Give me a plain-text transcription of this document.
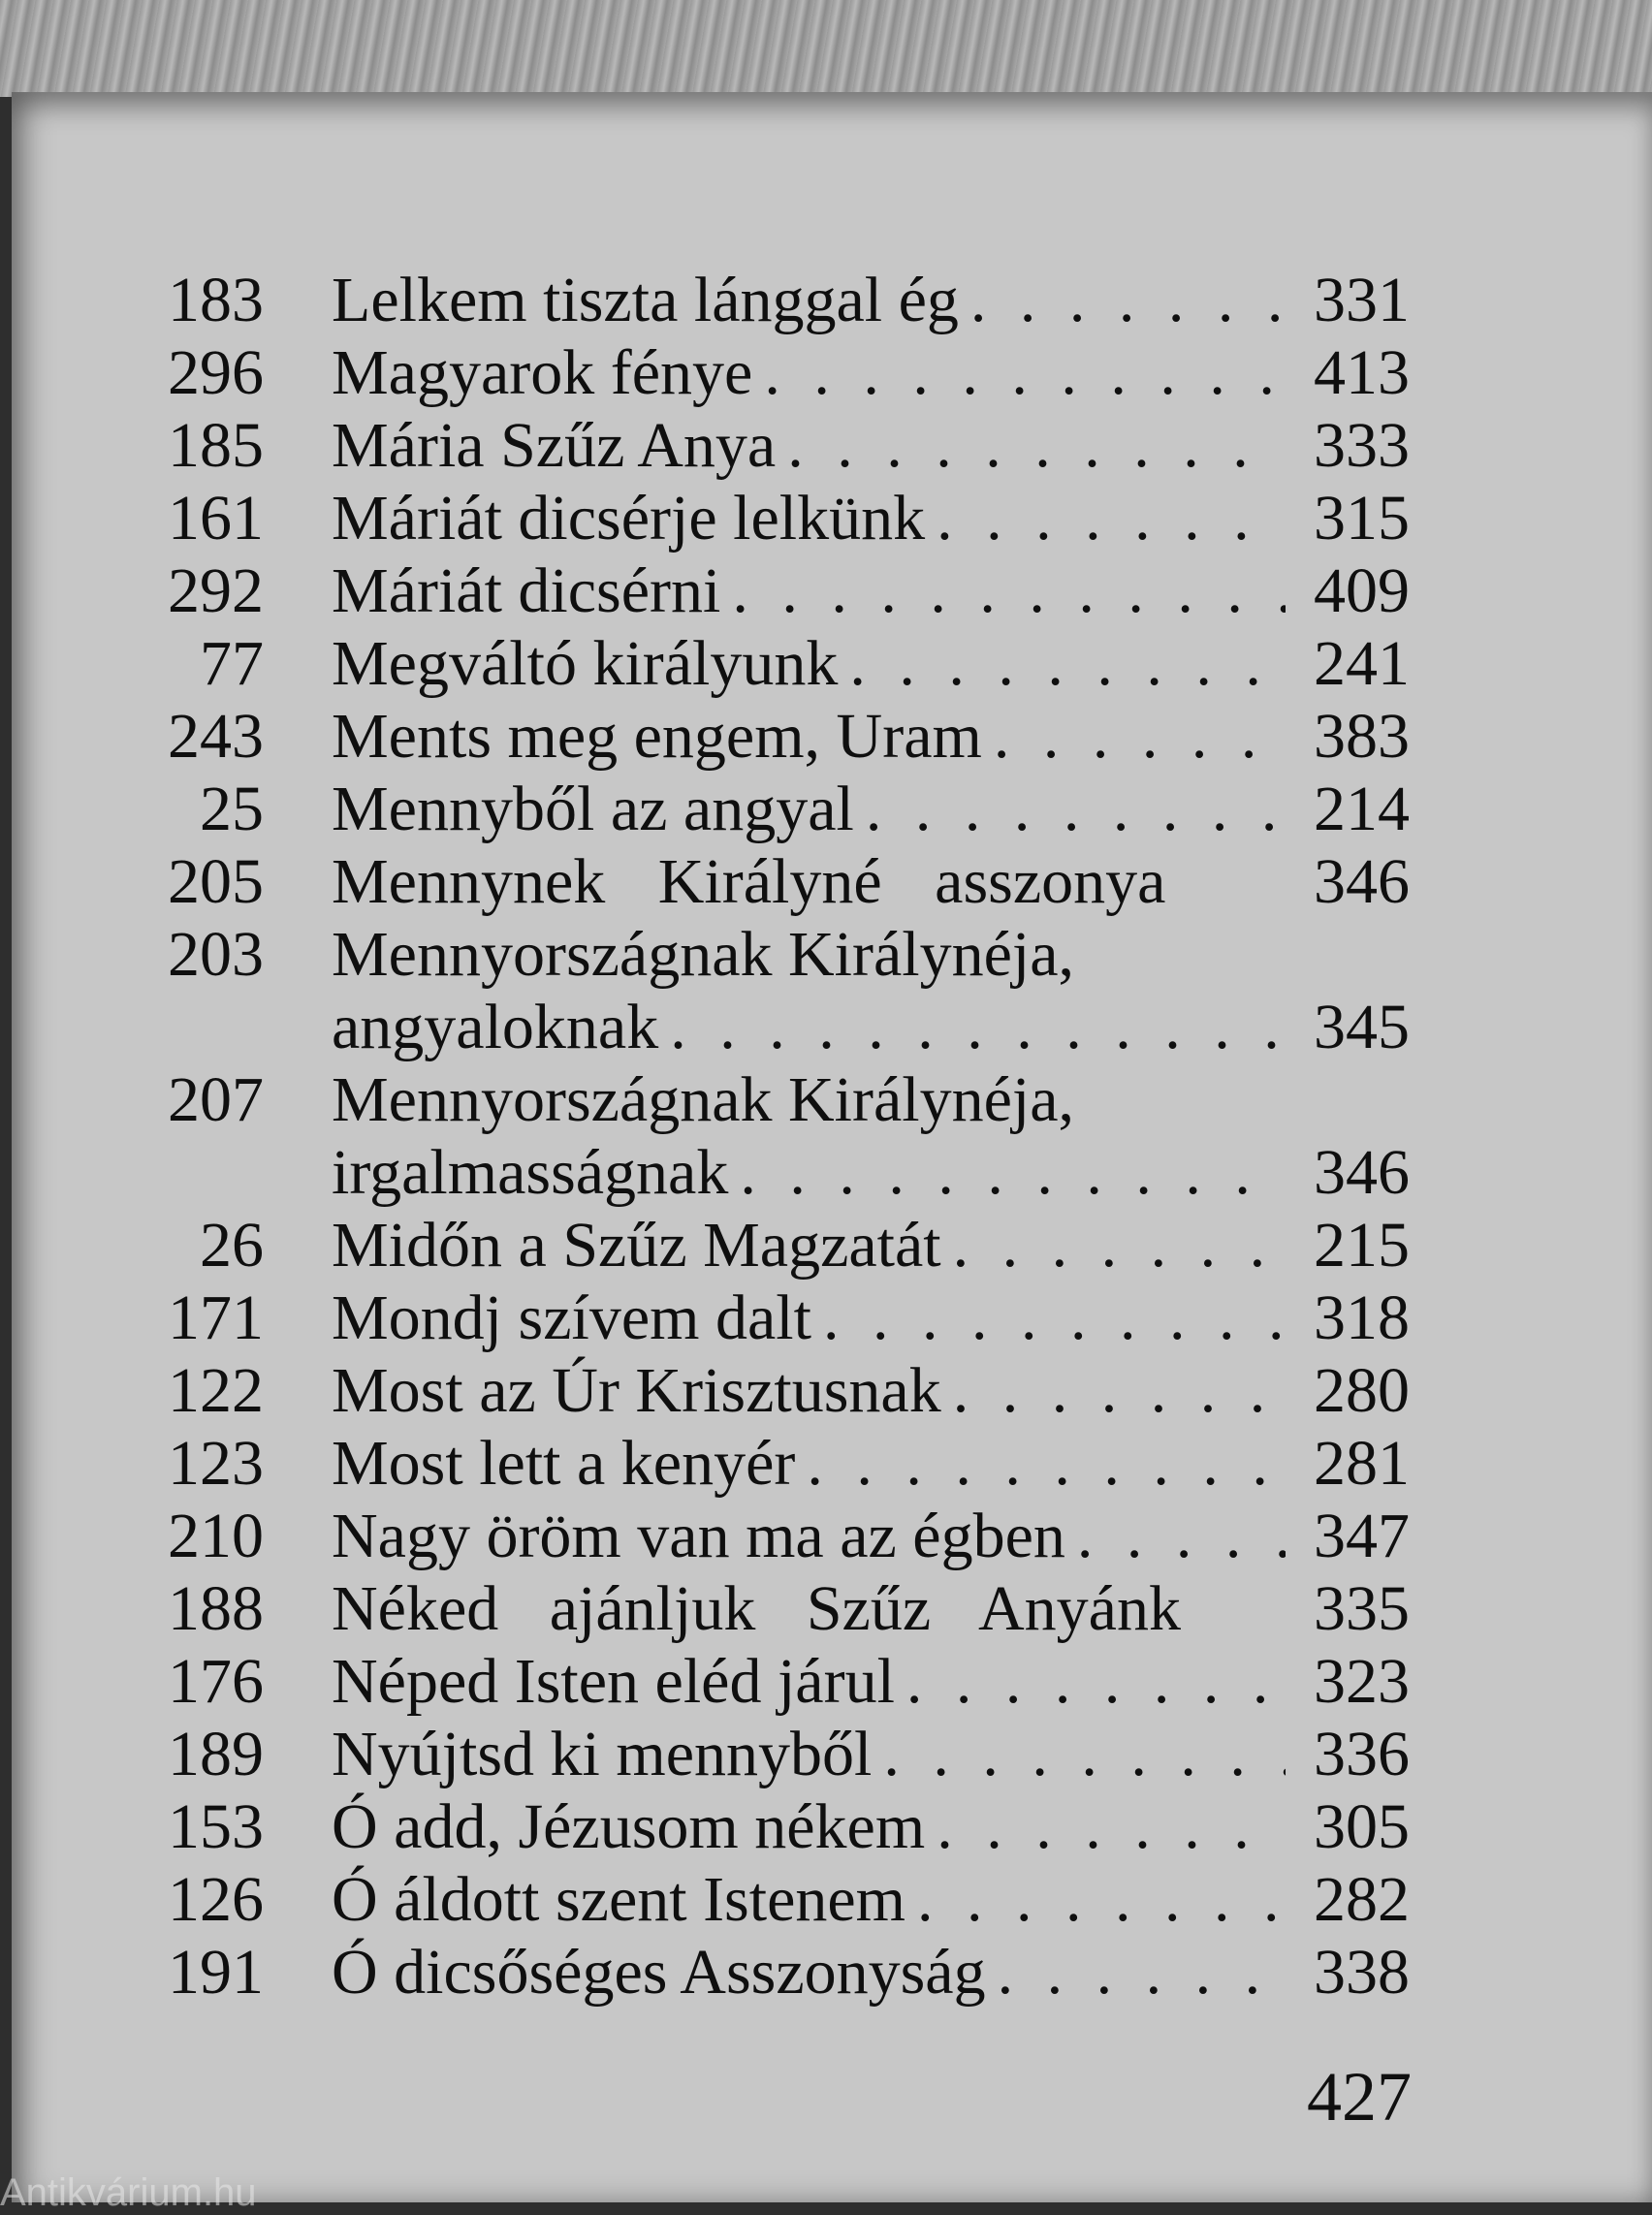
183 Lelkem tiszta lánggal ég . . .	331
296 Magyarok fénye . . .	413
185 Mária Szűz Anya . . .	333
161 Máriát dicsérje lelkünk . . .	315
292 Máriát dicsérni . . .	409
77 Megváltó királyunk . . .	241
243 Ments meg engem, Uram . . .	383
25 Mennyből az angyal . . .	214
205 Mennynek Királyné asszonya 346
203 Mennyországnak Királynéja,
angyaloknak . . .	345
207 Mennyországnak Királynéja,
irgalmasságnak . . .	346
26 Midőn a Szűz Magzatát . . .	215
171 Mondj szívem dalt . . .	318
122 Most az Úr Krisztusnak . . .	280
123 Most lett a kenyér . . .	281
210 Nagy öröm van ma az égben . . .	347
188 Néked ajánljuk Szűz Anyánk 335
176 Néped Isten eléd járul . . .	323
189 Nyújtsd ki mennyből . . .	336
153 Ó add, Jézusom nékem . . .	305
126 Ó áldott szent Istenem . . .	282
191 Ó dicsőséges Asszonyság . . .	338
427
Antikvárium.hu
